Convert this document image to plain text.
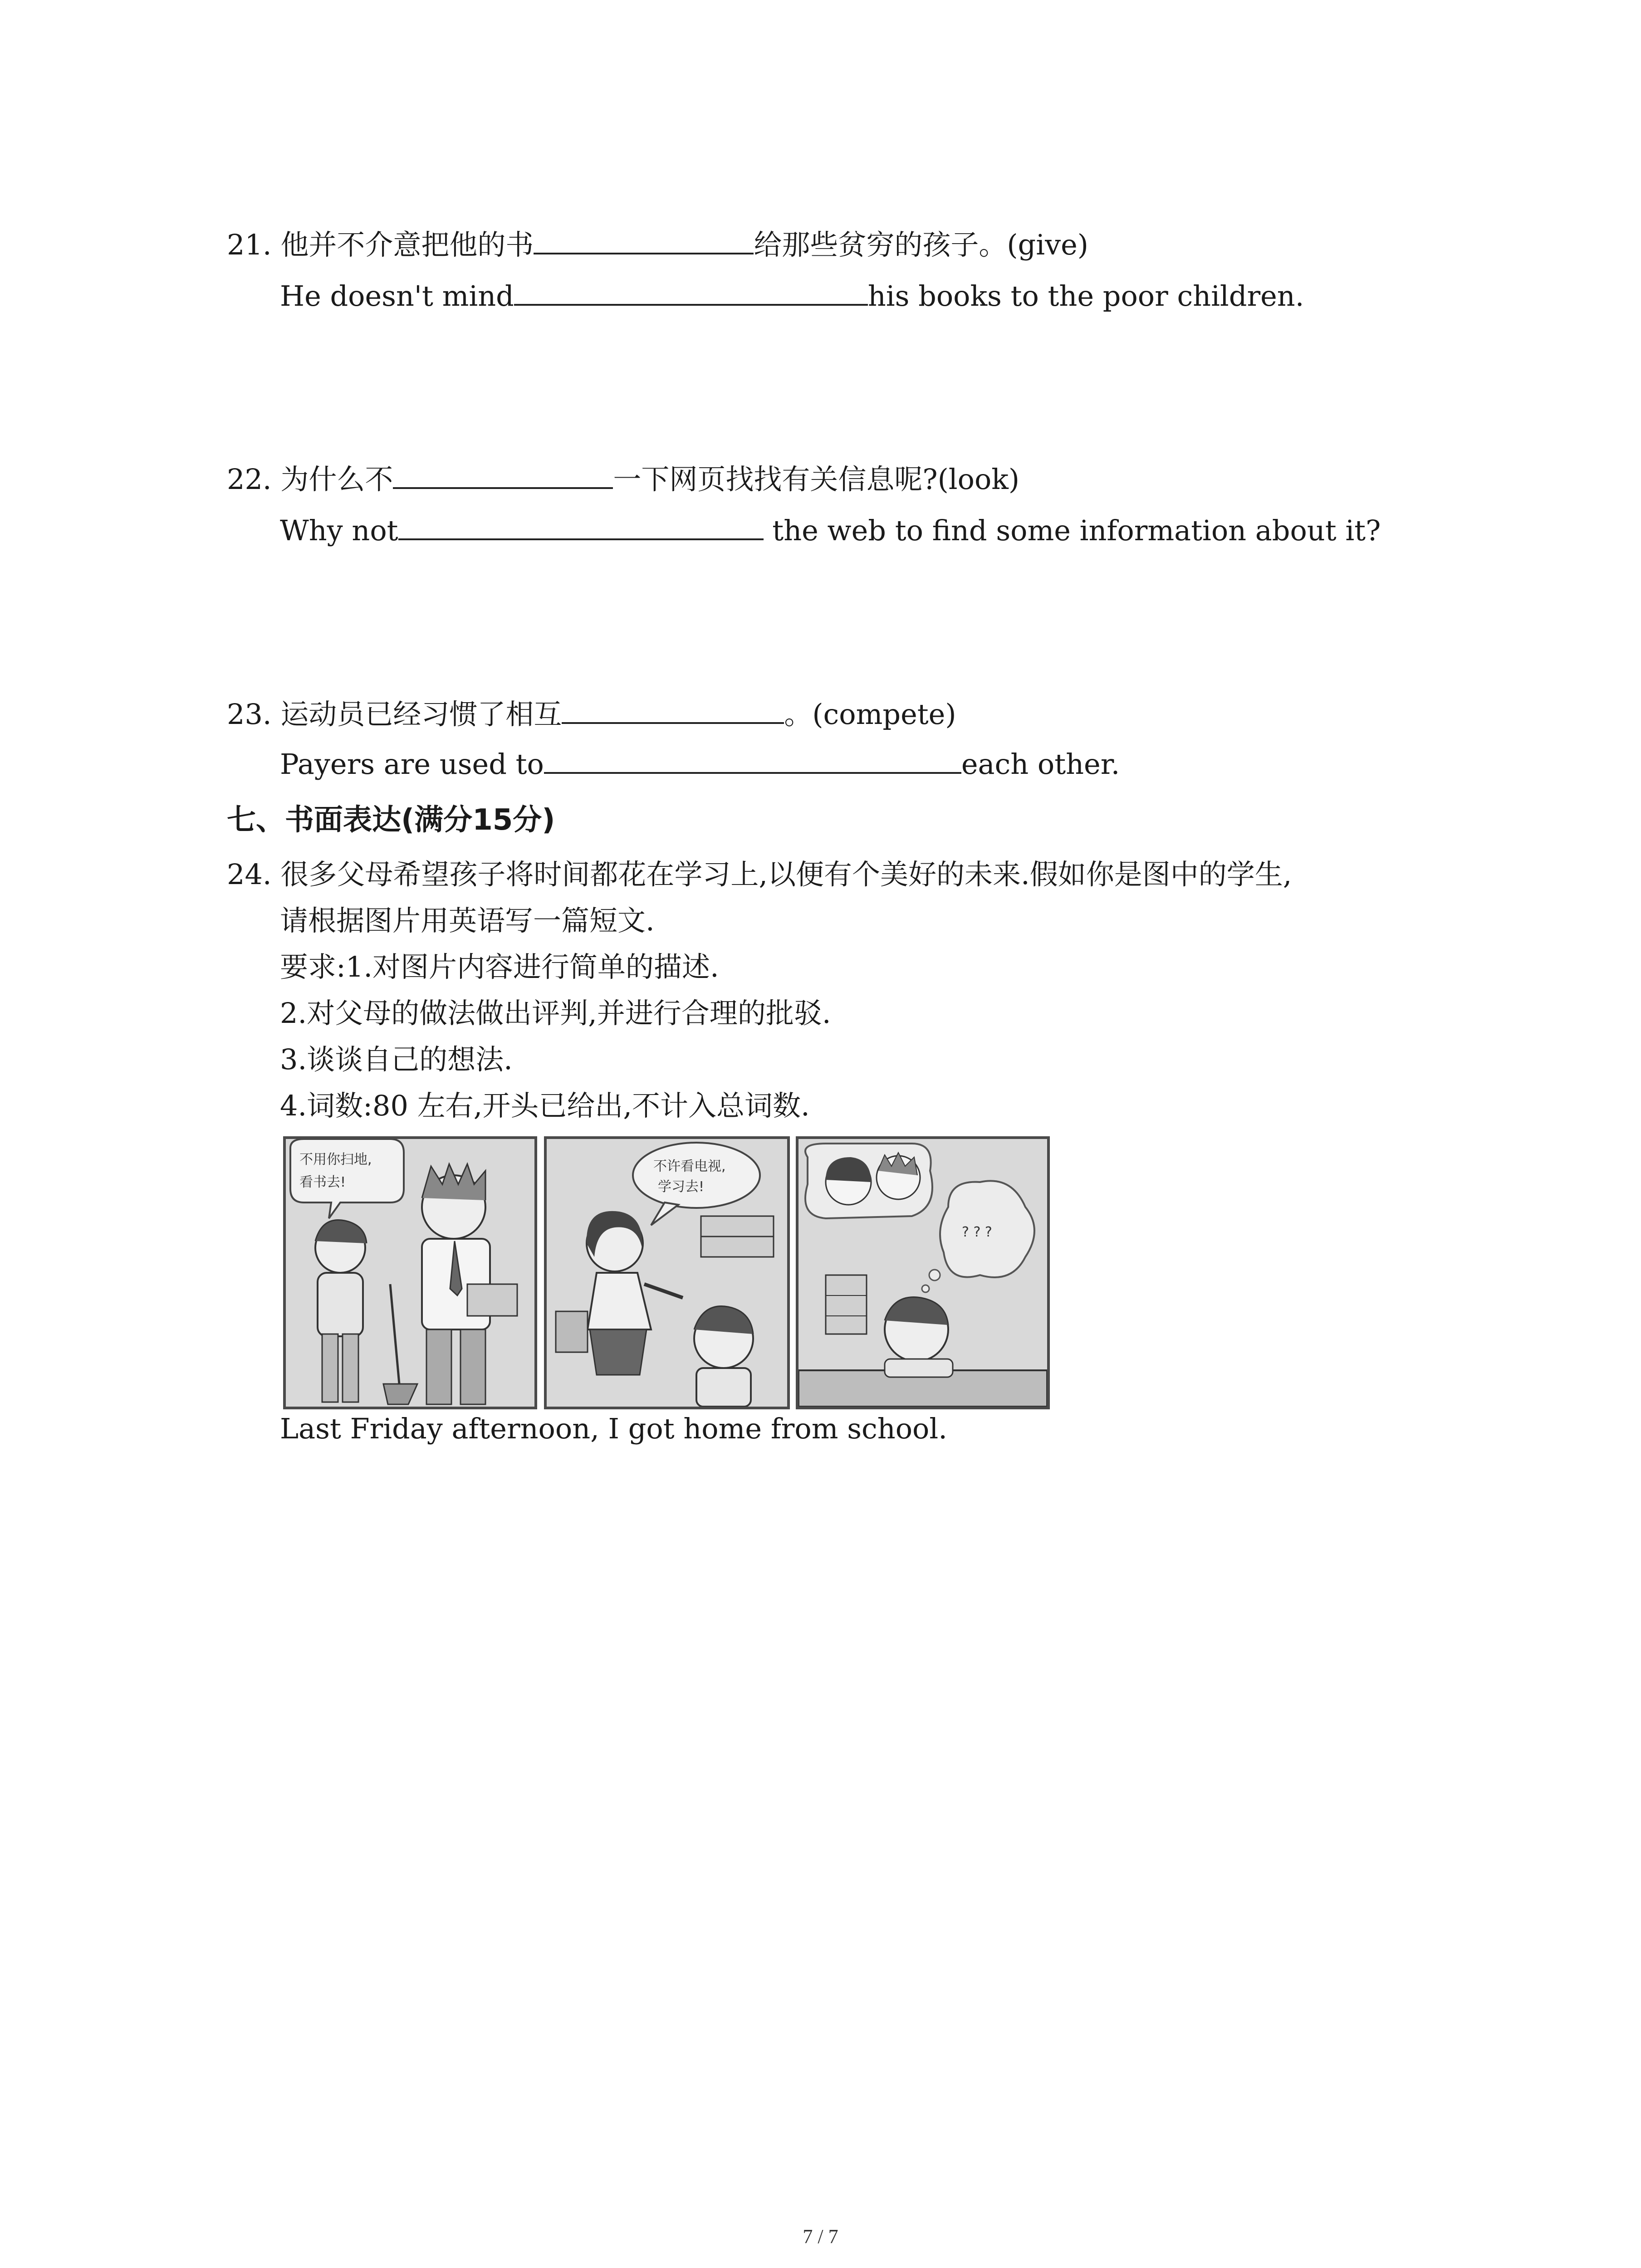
21. 他并不介意把他的书	给那些贫穷的孩子。(give)
He doesn't mind	his books to the poor children.
22. 为什么不	一下网页找找有关信息呢?(look)
Why not	the web to find some information about it?
23. 运动员已经习惯了相互	。(compete)
Payers are used to	each other.
七、书面表达(满分15分)
24. 很多父母希望孩子将时间都花在学习上,以便有个美好的未来.假如你是图中的学生,
请根据图片用英语写一篇短文.
要求:1.对图片内容进行简单的描述.
2.对父母的做法做出评判,并进行合理的批驳.
3.谈谈自己的想法.
4.词数:80 左右,开头已给出,不计入总词数.
不用你扫地,
看书去!
不许看电视,
学习去!
? ? ?
Last Friday afternoon, I got home from school.
7 / 7
